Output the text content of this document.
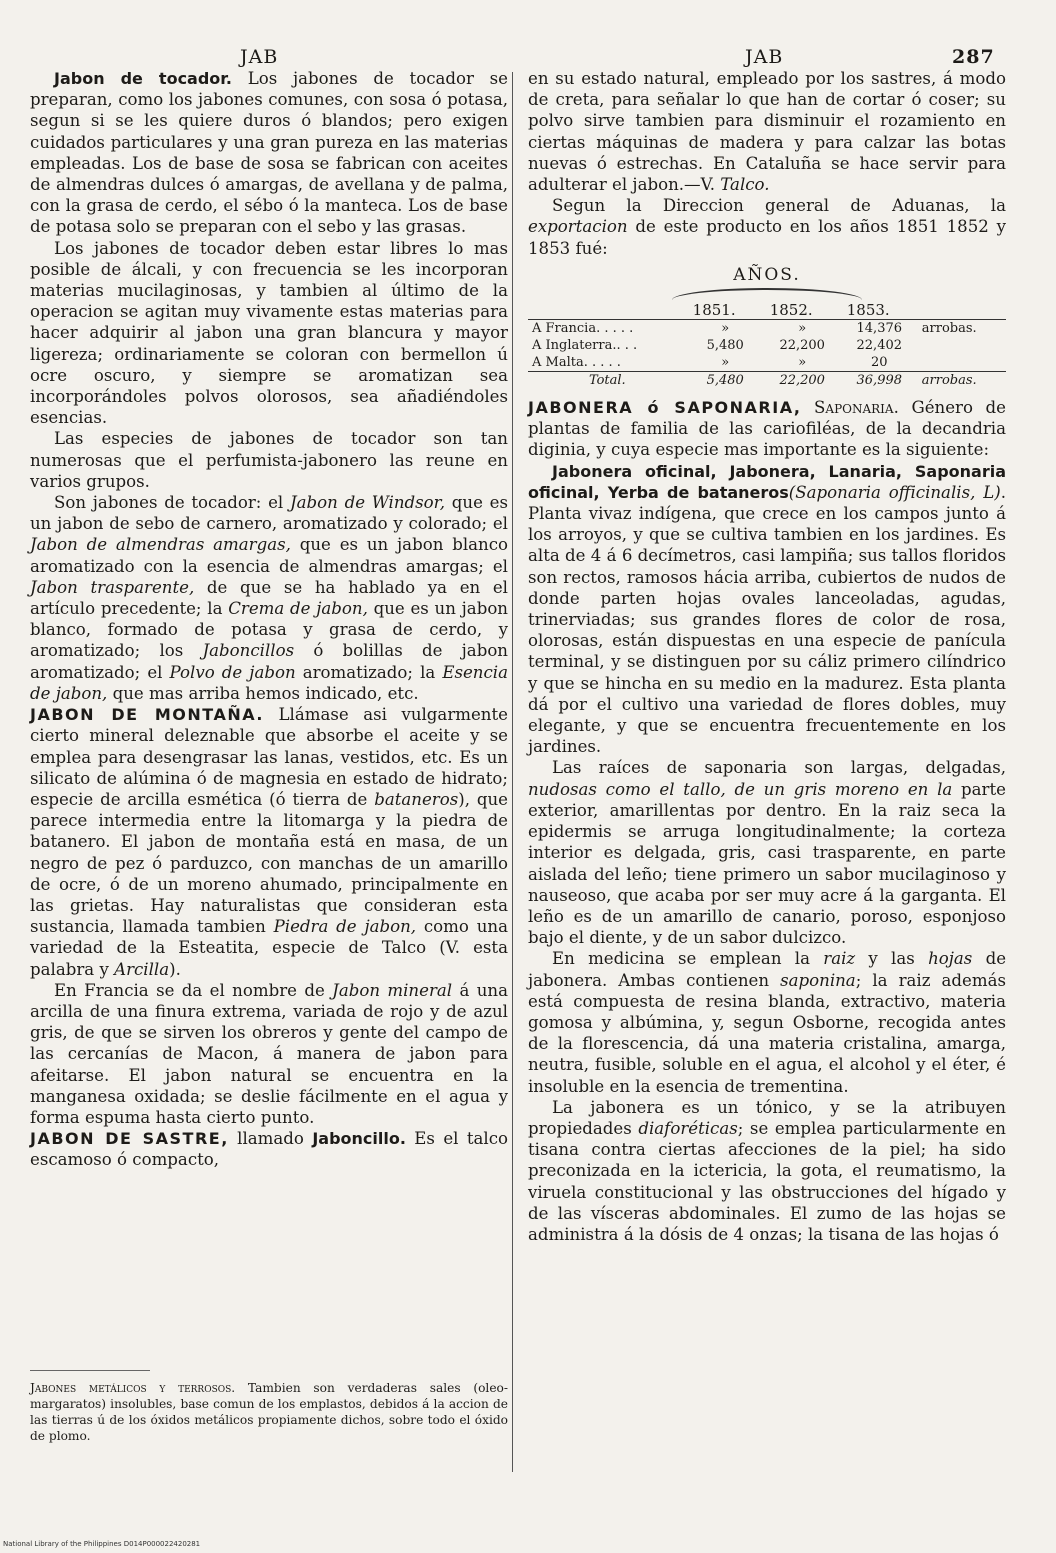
JAB	JAB	287

Jabon de tocador. Los jabones de tocador se preparan, como los jabones comunes, con sosa ó potasa, segun si se les quiere duros ó blandos; pero exigen cuidados particulares y una gran pureza en las materias empleadas. Los de base de sosa se fabrican con aceites de almendras dulces ó amargas, de avellana y de palma, con la grasa de cerdo, el sébo ó la manteca. Los de base de potasa solo se preparan con el sebo y las grasas.

Los jabones de tocador deben estar libres lo mas posible de álcali, y con frecuencia se les incorporan materias mucilaginosas, y tambien al último de la operacion se agitan muy vivamente estas materias para hacer adquirir al jabon una gran blancura y mayor ligereza; ordinariamente se coloran con bermellon ú ocre oscuro, y siempre se aromatizan sea incorporándoles polvos olorosos, sea añadiéndoles esencias.

Las especies de jabones de tocador son tan numerosas que el perfumista-jabonero las reune en varios grupos.

Son jabones de tocador: el Jabon de Windsor, que es un jabon de sebo de carnero, aromatizado y colorado; el Jabon de almendras amargas, que es un jabon blanco aromatizado con la esencia de almendras amargas; el Jabon trasparente, de que se ha hablado ya en el artículo precedente; la Crema de jabon, que es un jabon blanco, formado de potasa y grasa de cerdo, y aromatizado; los Jaboncillos ó bolillas de jabon aromatizado; el Polvo de jabon aromatizado; la Esencia de jabon, que mas arriba hemos indicado, etc.

JABON DE MONTAÑA. Llámase asi vulgarmente cierto mineral deleznable que absorbe el aceite y se emplea para desengrasar las lanas, vestidos, etc. Es un silicato de alúmina ó de magnesia en estado de hidrato; especie de arcilla esmética (ó tierra de bataneros), que parece intermedia entre la litomarga y la piedra de batanero. El jabon de montaña está en masa, de un negro de pez ó parduzco, con manchas de un amarillo de ocre, ó de un moreno ahumado, principalmente en las grietas. Hay naturalistas que consideran esta sustancia, llamada tambien Piedra de jabon, como una variedad de la Esteatita, especie de Talco (V. esta palabra y Arcilla).

En Francia se da el nombre de Jabon mineral á una arcilla de una finura extrema, variada de rojo y de azul gris, de que se sirven los obreros y gente del campo de las cercanías de Macon, á manera de jabon para afeitarse. El jabon natural se encuentra en la manganesa oxidada; se deslie fácilmente en el agua y forma espuma hasta cierto punto.

JABON DE SASTRE, llamado Jaboncillo. Es el talco escamoso ó compacto,

Jabones metálicos y terrosos. Tambien son verdaderas sales (oleo-margaratos) insolubles, base comun de los emplastos, debidos á la accion de las tierras ú de los óxidos metálicos propiamente dichos, sobre todo el óxido de plomo.

en su estado natural, empleado por los sastres, á modo de creta, para señalar lo que han de cortar ó coser; su polvo sirve tambien para disminuir el rozamiento en ciertas máquinas de madera y para calzar las botas nuevas ó estrechas. En Cataluña se hace servir para adulterar el jabon.—V. Talco.

Segun la Direccion general de Aduanas, la exportacion de este producto en los años 1851 1852 y 1853 fué:

AÑOS.
	1851.	1852.	1853.	
A Francia. . . . .	»	»	14,376	arrobas.
A Inglaterra.. . .	5,480	22,200	22,402	
A Malta. . . . .	»	»	20	
Total.	5,480	22,200	36,998	arrobas.

JABONERA ó SAPONARIA, Saponaria. Género de plantas de familia de las cariofiléas, de la decandria diginia, y cuya especie mas importante es la siguiente:

Jabonera oficinal, Jabonera, Lanaria, Saponaria oficinal, Yerba de bataneros(Saponaria officinalis, L). Planta vivaz indígena, que crece en los campos junto á los arroyos, y que se cultiva tambien en los jardines. Es alta de 4 á 6 decímetros, casi lampiña; sus tallos floridos son rectos, ramosos hácia arriba, cubiertos de nudos de donde parten hojas ovales lanceoladas, agudas, trinerviadas; sus grandes flores de color de rosa, olorosas, están dispuestas en una especie de panícula terminal, y se distinguen por su cáliz primero cilíndrico y que se hincha en su medio en la madurez. Esta planta dá por el cultivo una variedad de flores dobles, muy elegante, y que se encuentra frecuentemente en los jardines.

Las raíces de saponaria son largas, delgadas, nudosas como el tallo, de un gris moreno en la parte exterior, amarillentas por dentro. En la raiz seca la epidermis se arruga longitudinalmente; la corteza interior es delgada, gris, casi trasparente, en parte aislada del leño; tiene primero un sabor mucilaginoso y nauseoso, que acaba por ser muy acre á la garganta. El leño es de un amarillo de canario, poroso, esponjoso bajo el diente, y de un sabor dulcizco.

En medicina se emplean la raiz y las hojas de jabonera. Ambas contienen saponina; la raiz además está compuesta de resina blanda, extractivo, materia gomosa y albúmina, y, segun Osborne, recogida antes de la florescencia, dá una materia cristalina, amarga, neutra, fusible, soluble en el agua, el alcohol y el éter, é insoluble en la esencia de trementina.

La jabonera es un tónico, y se la atribuyen propiedades diaforéticas; se emplea particularmente en tisana contra ciertas afecciones de la piel; ha sido preconizada en la ictericia, la gota, el reumatismo, la viruela constitucional y las obstrucciones del hígado y de las vísceras abdominales. El zumo de las hojas se administra á la dósis de 4 onzas; la tisana de las hojas ó

National Library of the Philippines D014P000022420281
